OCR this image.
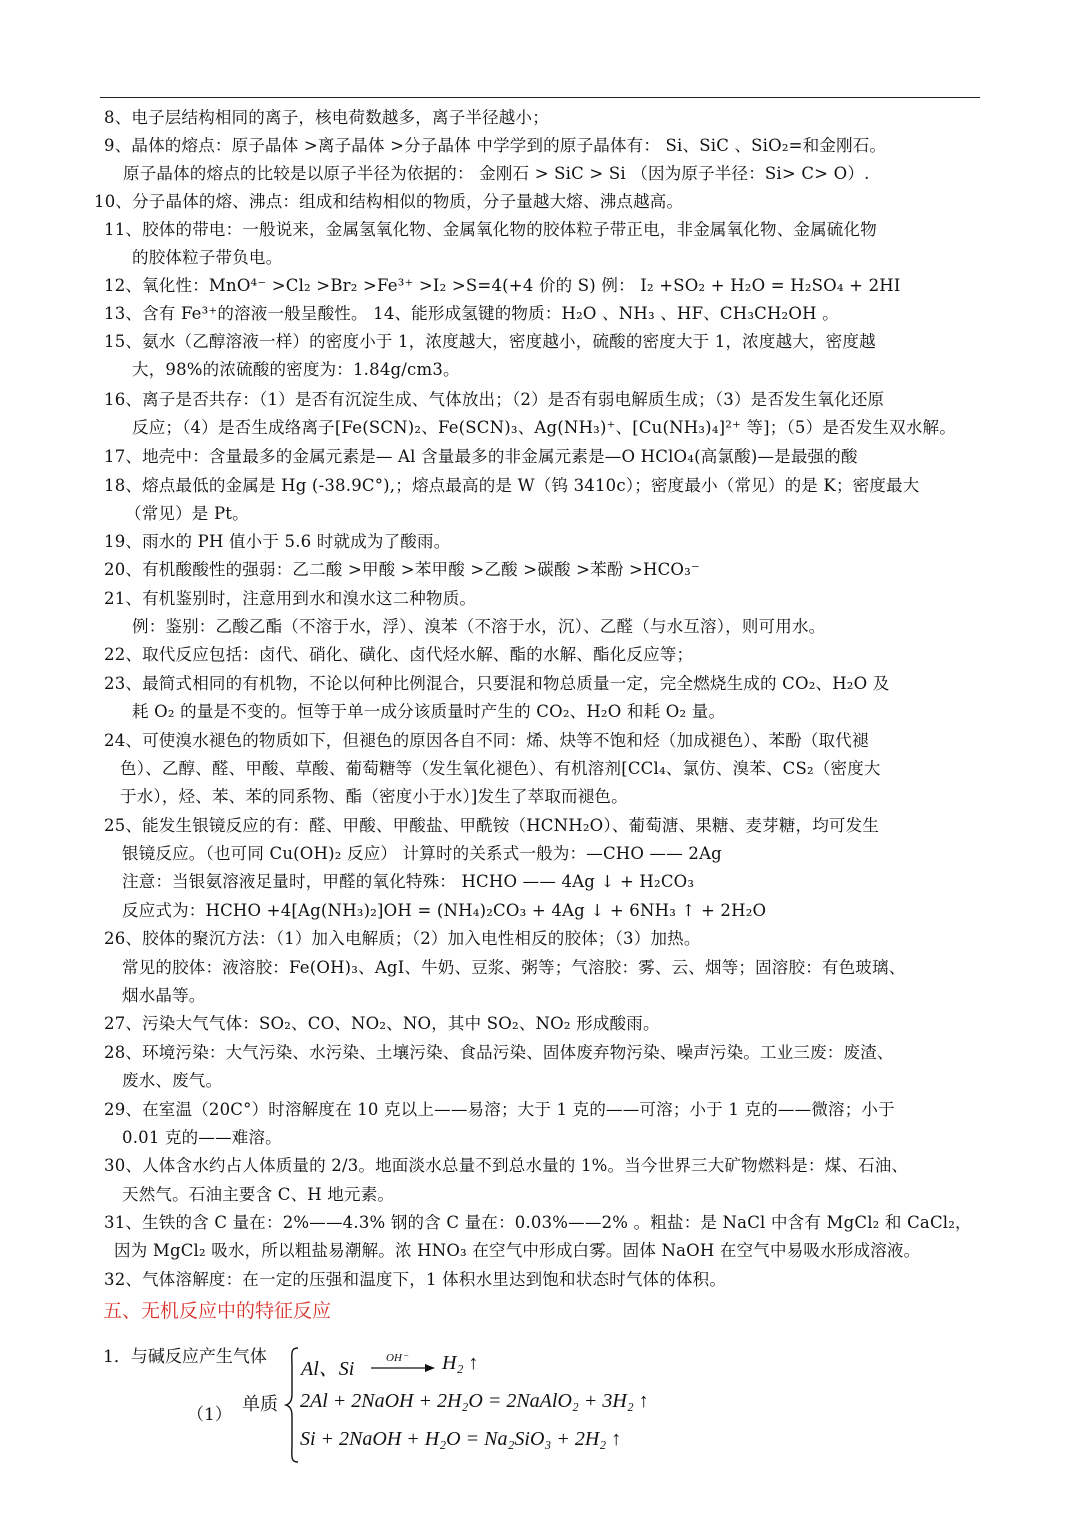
五、无机反应中的特征反应
1．与碱反应产生气体
（1） 单质
Al、Si	OH⁻ H₂ ↑
2Al + 2NaOH + 2H₂O = 2NaAlO₂ + 3H₂ ↑
Si + 2NaOH + H₂O = Na₂SiO₃ + 2H₂ ↑
8、电子层结构相同的离子，核电荷数越多，离子半径越小；
9、晶体的熔点：原子晶体 >离子晶体 >分子晶体 中学学到的原子晶体有： Si、SiC 、SiO₂=和金刚石。
原子晶体的熔点的比较是以原子半径为依据的： 金刚石 > SiC > Si （因为原子半径：Si> C> O）.
10、分子晶体的熔、沸点：组成和结构相似的物质，分子量越大熔、沸点越高。
11、胶体的带电：一般说来，金属氢氧化物、金属氧化物的胶体粒子带正电，非金属氧化物、金属硫化物
的胶体粒子带负电。
12、氧化性：MnO⁴⁻ >Cl₂ >Br₂ >Fe³⁺ >I₂ >S=4(+4 价的 S) 例： I₂ +SO₂ + H₂O = H₂SO₄ + 2HI
13、含有 Fe³⁺的溶液一般呈酸性。 14、能形成氢键的物质：H₂O 、NH₃ 、HF、CH₃CH₂OH 。
15、氨水（乙醇溶液一样）的密度小于 1，浓度越大，密度越小，硫酸的密度大于 1，浓度越大，密度越
大，98%的浓硫酸的密度为：1.84g/cm3。
16、离子是否共存：（1）是否有沉淀生成、气体放出；（2）是否有弱电解质生成；（3）是否发生氧化还原
反应；（4）是否生成络离子[Fe(SCN)₂、Fe(SCN)₃、Ag(NH₃)⁺、[Cu(NH₃)₄]²⁺ 等]；（5）是否发生双水解。
17、地壳中：含量最多的金属元素是— Al 含量最多的非金属元素是—O HClO₄(高氯酸)—是最强的酸
18、熔点最低的金属是 Hg (-38.9C°),；熔点最高的是 W（钨 3410c）；密度最小（常见）的是 K；密度最大
（常见）是 Pt。
19、雨水的 PH 值小于 5.6 时就成为了酸雨。
20、有机酸酸性的强弱：乙二酸 >甲酸 >苯甲酸 >乙酸 >碳酸 >苯酚 >HCO₃⁻
21、有机鉴别时，注意用到水和溴水这二种物质。
例：鉴别：乙酸乙酯（不溶于水，浮）、溴苯（不溶于水，沉）、乙醛（与水互溶），则可用水。
22、取代反应包括：卤代、硝化、磺化、卤代烃水解、酯的水解、酯化反应等；
23、最简式相同的有机物，不论以何种比例混合，只要混和物总质量一定，完全燃烧生成的 CO₂、H₂O 及
耗 O₂ 的量是不变的。恒等于单一成分该质量时产生的 CO₂、H₂O 和耗 O₂ 量。
24、可使溴水褪色的物质如下，但褪色的原因各自不同：烯、炔等不饱和烃（加成褪色）、苯酚（取代褪
色）、乙醇、醛、甲酸、草酸、葡萄糖等（发生氧化褪色）、有机溶剂[CCl₄、氯仿、溴苯、CS₂（密度大
于水），烃、苯、苯的同系物、酯（密度小于水）]发生了萃取而褪色。
25、能发生银镜反应的有：醛、甲酸、甲酸盐、甲酰铵（HCNH₂O）、葡萄溏、果糖、麦芽糖，均可发生
银镜反应。（也可同 Cu(OH)₂ 反应） 计算时的关系式一般为：—CHO —— 2Ag
注意：当银氨溶液足量时，甲醛的氧化特殊： HCHO —— 4Ag ↓ + H₂CO₃
反应式为：HCHO +4[Ag(NH₃)₂]OH = (NH₄)₂CO₃ + 4Ag ↓ + 6NH₃ ↑ + 2H₂O
26、胶体的聚沉方法：（1）加入电解质；（2）加入电性相反的胶体；（3）加热。
常见的胶体：液溶胶：Fe(OH)₃、AgI、牛奶、豆浆、粥等；气溶胶：雾、云、烟等；固溶胶：有色玻璃、
烟水晶等。
27、污染大气气体：SO₂、CO、NO₂、NO，其中 SO₂、NO₂ 形成酸雨。
28、环境污染：大气污染、水污染、土壤污染、食品污染、固体废弃物污染、噪声污染。工业三废：废渣、
废水、废气。
29、在室温（20C°）时溶解度在 10 克以上——易溶；大于 1 克的——可溶；小于 1 克的——微溶；小于
0.01 克的——难溶。
30、人体含水约占人体质量的 2/3。地面淡水总量不到总水量的 1%。当今世界三大矿物燃料是：煤、石油、
天然气。石油主要含 C、H 地元素。
31、生铁的含 C 量在：2%——4.3% 钢的含 C 量在：0.03%——2% 。粗盐：是 NaCl 中含有 MgCl₂ 和 CaCl₂，
因为 MgCl₂ 吸水，所以粗盐易潮解。浓 HNO₃ 在空气中形成白雾。固体 NaOH 在空气中易吸水形成溶液。
32、气体溶解度：在一定的压强和温度下，1 体积水里达到饱和状态时气体的体积。
